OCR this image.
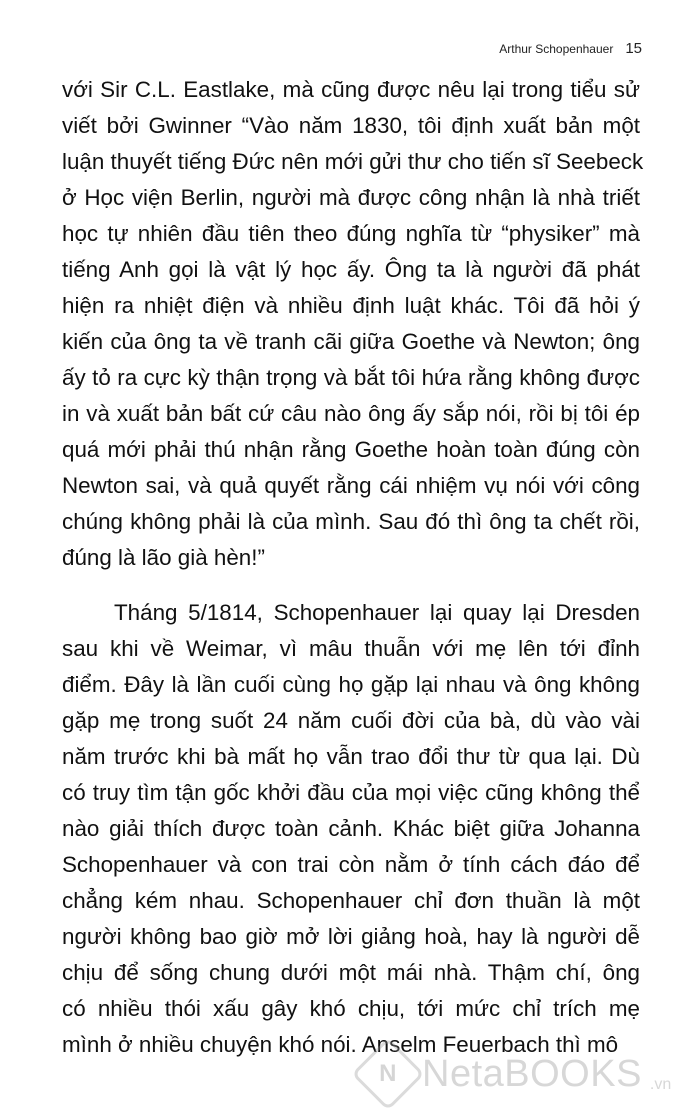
Arthur Schopenhauer 15
với Sir C.L. Eastlake, mà cũng được nêu lại trong tiểu sử
viết bởi Gwinner “Vào năm 1830, tôi định xuất bản một
luận thuyết tiếng Đức nên mới gửi thư cho tiến sĩ Seebeck
ở Học viện Berlin, người mà được công nhận là nhà triết
học tự nhiên đầu tiên theo đúng nghĩa từ “physiker” mà
tiếng Anh gọi là vật lý học ấy. Ông ta là người đã phát
hiện ra nhiệt điện và nhiều định luật khác. Tôi đã hỏi ý
kiến của ông ta về tranh cãi giữa Goethe và Newton; ông
ấy tỏ ra cực kỳ thận trọng và bắt tôi hứa rằng không được
in và xuất bản bất cứ câu nào ông ấy sắp nói, rồi bị tôi ép
quá mới phải thú nhận rằng Goethe hoàn toàn đúng còn
Newton sai, và quả quyết rằng cái nhiệm vụ nói với công
chúng không phải là của mình. Sau đó thì ông ta chết rồi,
đúng là lão già hèn!”
Tháng 5/1814, Schopenhauer lại quay lại Dresden
sau khi về Weimar, vì mâu thuẫn với mẹ lên tới đỉnh
điểm. Đây là lần cuối cùng họ gặp lại nhau và ông không
gặp mẹ trong suốt 24 năm cuối đời của bà, dù vào vài
năm trước khi bà mất họ vẫn trao đổi thư từ qua lại. Dù
có truy tìm tận gốc khởi đầu của mọi việc cũng không thể
nào giải thích được toàn cảnh. Khác biệt giữa Johanna
Schopenhauer và con trai còn nằm ở tính cách đáo để
chẳng kém nhau. Schopenhauer chỉ đơn thuần là một
người không bao giờ mở lời giảng hoà, hay là người dễ
chịu để sống chung dưới một mái nhà. Thậm chí, ông
có nhiều thói xấu gây khó chịu, tới mức chỉ trích mẹ
mình ở nhiều chuyện khó nói. Anselm Feuerbach thì mô
N NetaBOOKS .vn
